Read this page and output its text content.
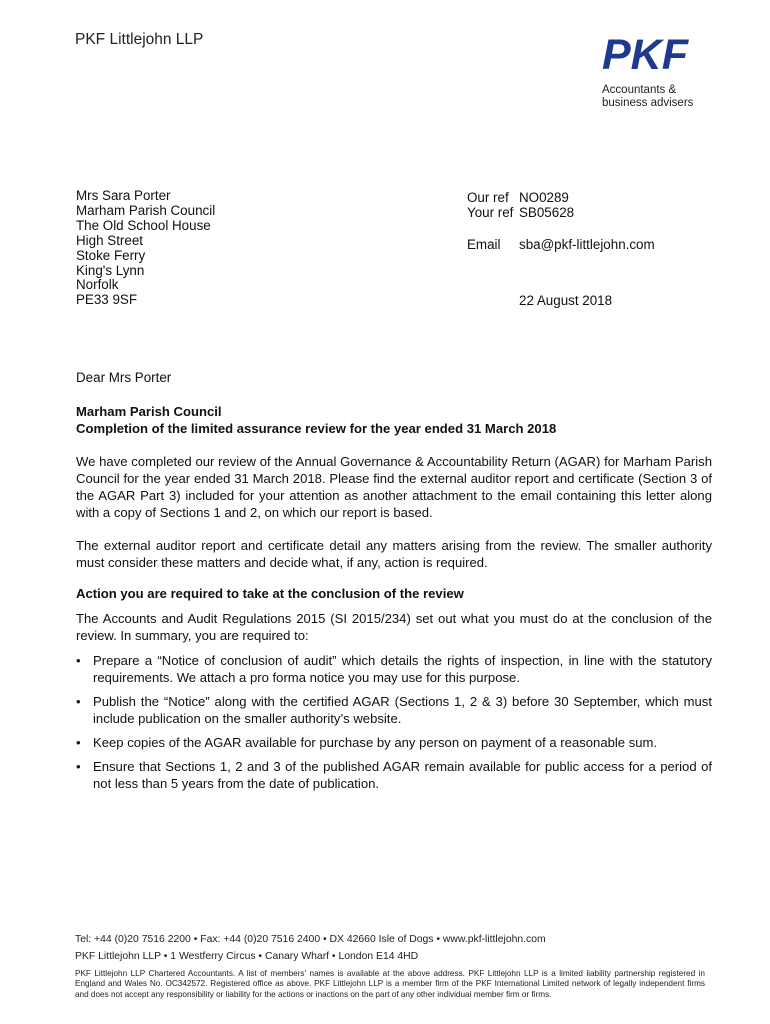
PKF Littlejohn LLP	PKF
Accountants &
business advisers
Mrs Sara Porter
Marham Parish Council
The Old School House
High Street
Stoke Ferry
King's Lynn
Norfolk
PE33 9SF
Our ref NO0289
Your ref SB05628
Email	sba@pkf-littlejohn.com
22 August 2018
Dear Mrs Porter
Marham Parish Council
Completion of the limited assurance review for the year ended 31 March 2018
We have completed our review of the Annual Governance & Accountability Return (AGAR) for Marham Parish Council for the year ended 31 March 2018. Please find the external auditor report and certificate (Section 3 of the AGAR Part 3) included for your attention as another attachment to the email containing this letter along with a copy of Sections 1 and 2, on which our report is based.
The external auditor report and certificate detail any matters arising from the review. The smaller authority must consider these matters and decide what, if any, action is required.
Action you are required to take at the conclusion of the review
The Accounts and Audit Regulations 2015 (SI 2015/234) set out what you must do at the conclusion of the review. In summary, you are required to:
• Prepare a “Notice of conclusion of audit” which details the rights of inspection, in line with the statutory requirements. We attach a pro forma notice you may use for this purpose.
• Publish the “Notice” along with the certified AGAR (Sections 1, 2 & 3) before 30 September, which must include publication on the smaller authority’s website.
• Keep copies of the AGAR available for purchase by any person on payment of a reasonable sum.
• Ensure that Sections 1, 2 and 3 of the published AGAR remain available for public access for a period of not less than 5 years from the date of publication.
Tel: +44 (0)20 7516 2200 • Fax: +44 (0)20 7516 2400 • DX 42660 Isle of Dogs • www.pkf-littlejohn.com
PKF Littlejohn LLP • 1 Westferry Circus • Canary Wharf • London E14 4HD
PKF Littlejohn LLP Chartered Accountants. A list of members' names is available at the above address. PKF Littlejohn LLP is a limited liability partnership registered in England and Wales No. OC342572. Registered office as above. PKF Littlejohn LLP is a member firm of the PKF International Limited network of legally independent firms and does not accept any responsibility or liability for the actions or inactions on the part of any other individual member firm or firms.
